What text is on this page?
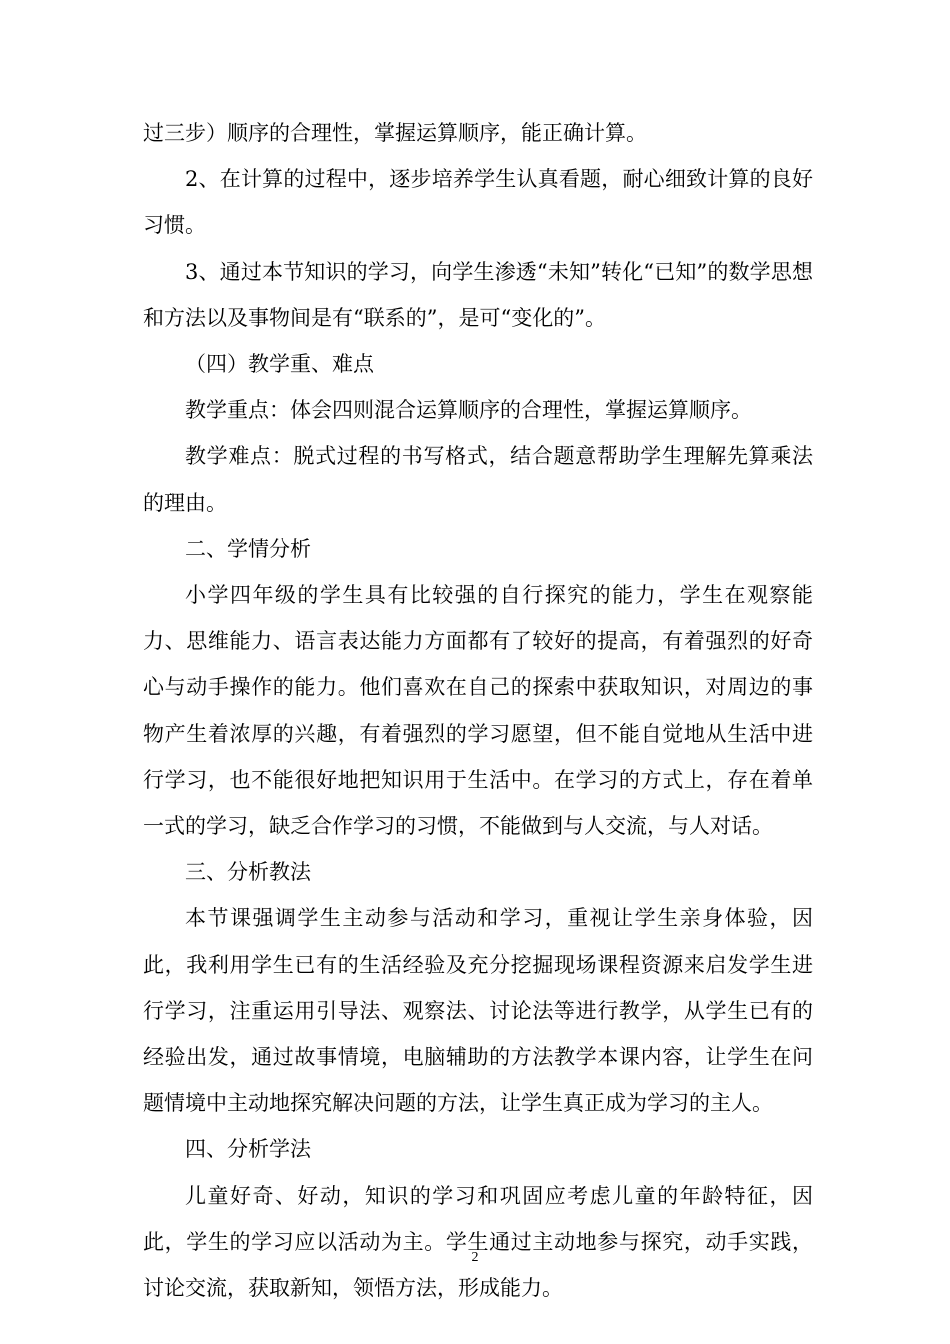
过三步）顺序的合理性，掌握运算顺序，能正确计算。

2、在计算的过程中，逐步培养学生认真看题，耐心细致计算的良好习惯。

3、通过本节知识的学习，向学生渗透“未知”转化“已知”的数学思想和方法以及事物间是有“联系的”，是可“变化的”。

（四）教学重、难点

教学重点：体会四则混合运算顺序的合理性，掌握运算顺序。

教学难点：脱式过程的书写格式，结合题意帮助学生理解先算乘法的理由。

二、学情分析

小学四年级的学生具有比较强的自行探究的能力，学生在观察能力、思维能力、语言表达能力方面都有了较好的提高，有着强烈的好奇心与动手操作的能力。他们喜欢在自己的探索中获取知识，对周边的事物产生着浓厚的兴趣，有着强烈的学习愿望，但不能自觉地从生活中进行学习，也不能很好地把知识用于生活中。在学习的方式上，存在着单一式的学习，缺乏合作学习的习惯，不能做到与人交流，与人对话。

三、分析教法

本节课强调学生主动参与活动和学习，重视让学生亲身体验，因此，我利用学生已有的生活经验及充分挖掘现场课程资源来启发学生进行学习，注重运用引导法、观察法、讨论法等进行教学，从学生已有的经验出发，通过故事情境，电脑辅助的方法教学本课内容，让学生在问题情境中主动地探究解决问题的方法，让学生真正成为学习的主人。

四、分析学法

儿童好奇、好动，知识的学习和巩固应考虑儿童的年龄特征，因此，学生的学习应以活动为主。学生通过主动地参与探究，动手实践，讨论交流，获取新知，领悟方法，形成能力。

2
